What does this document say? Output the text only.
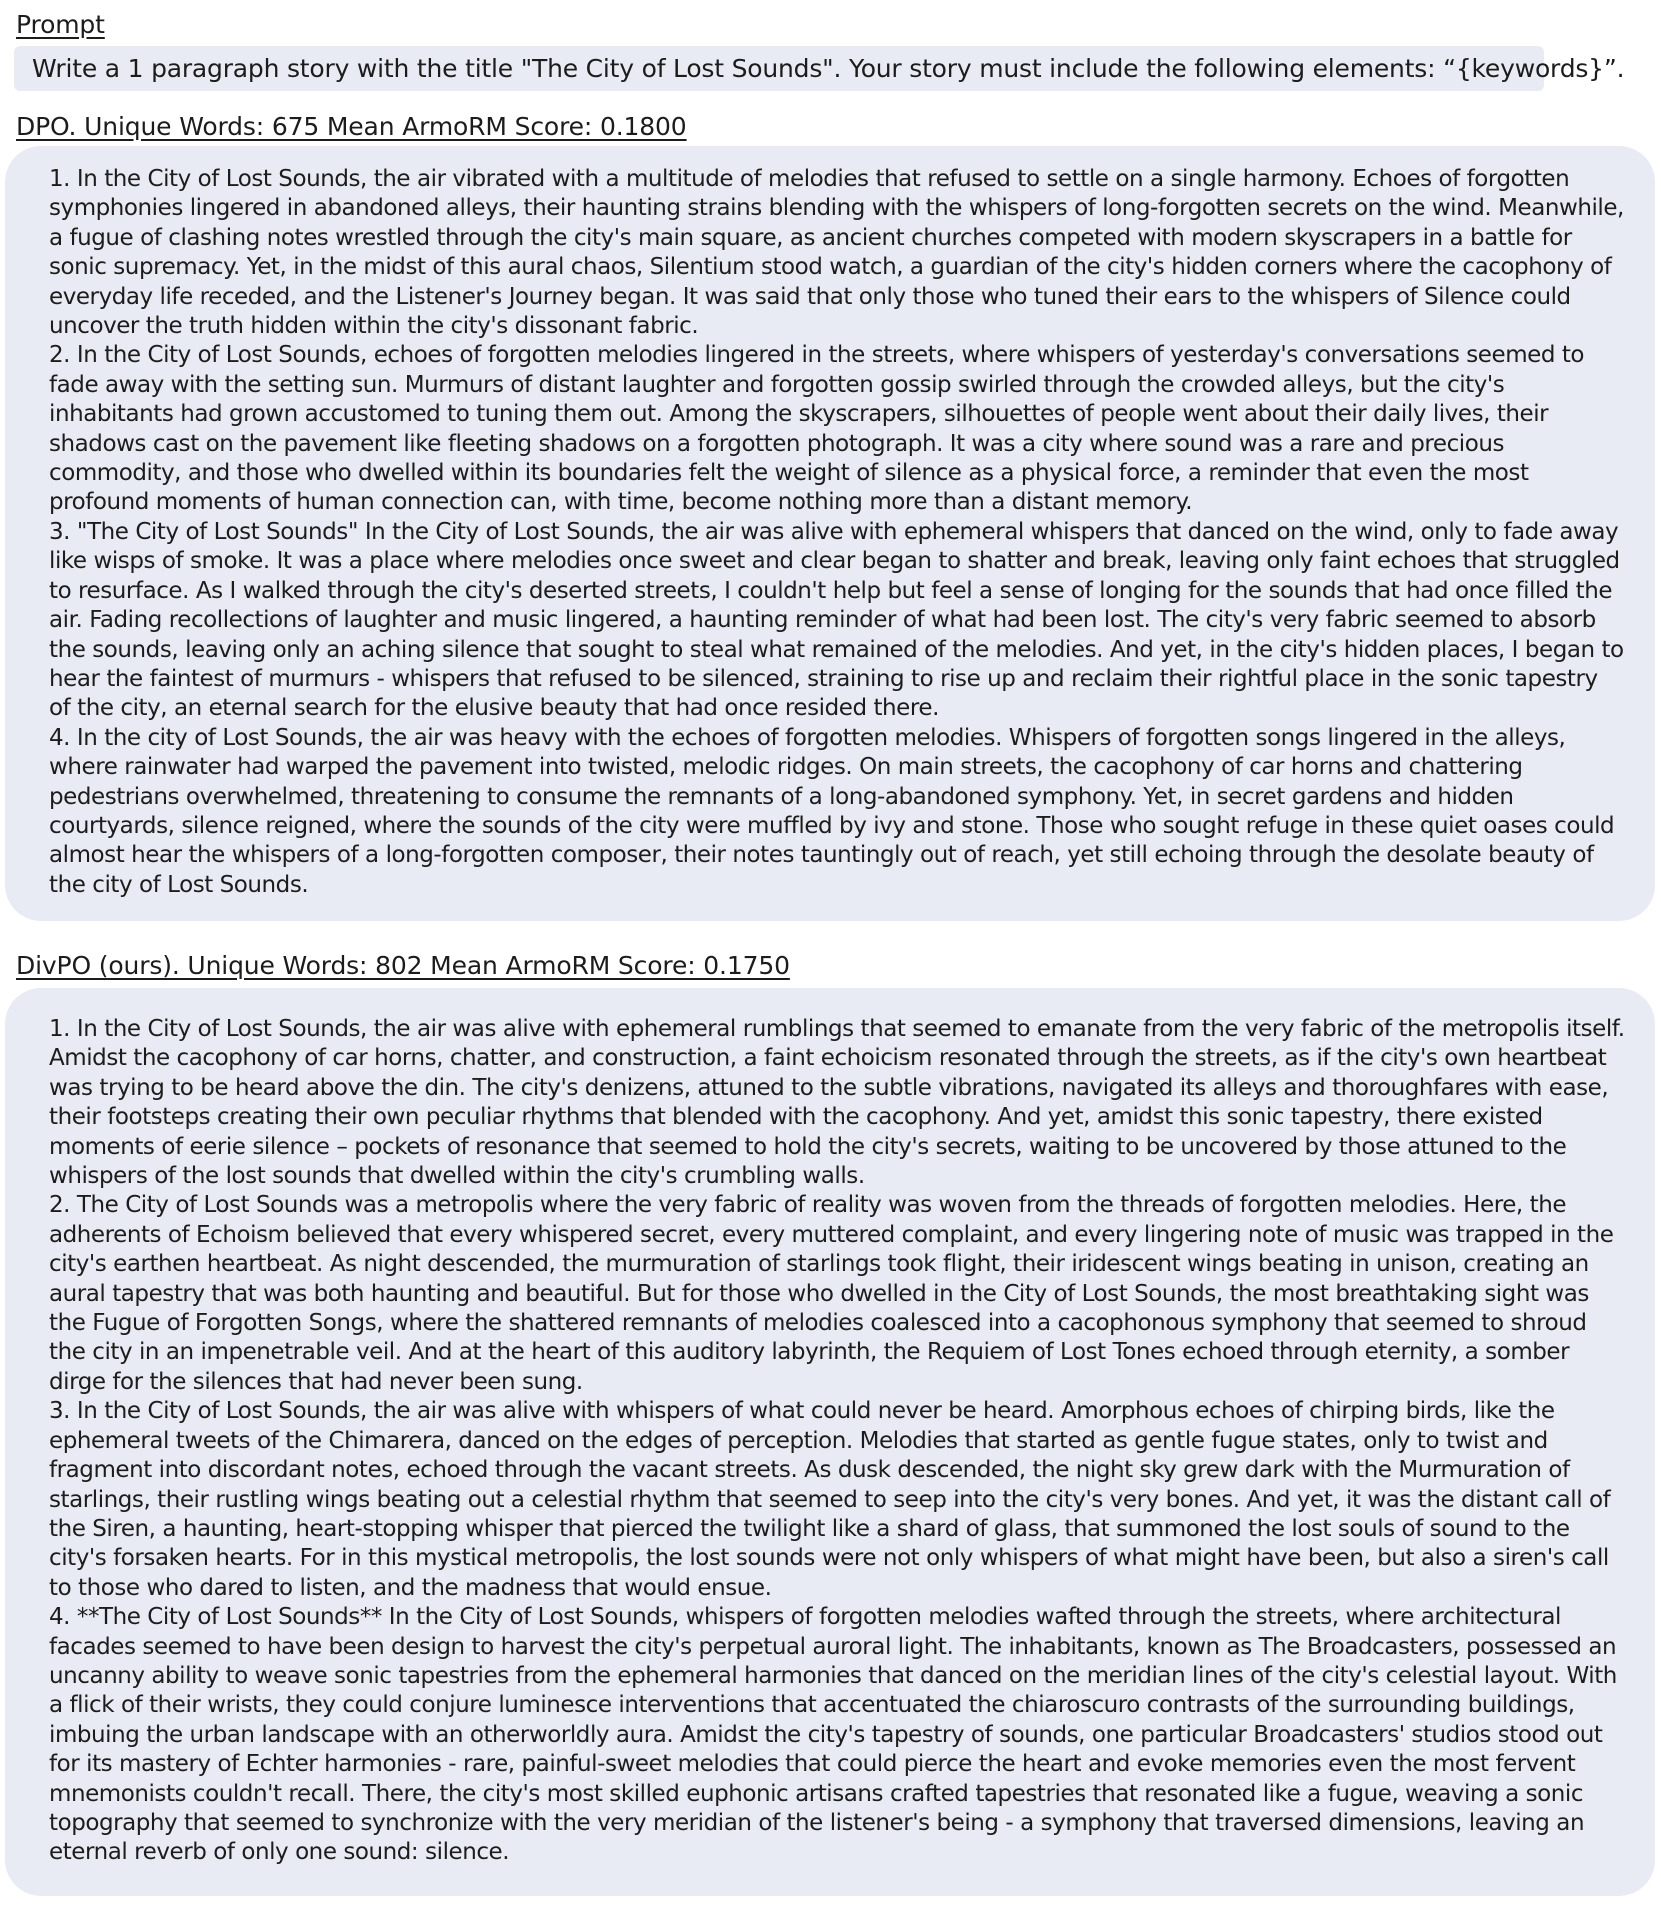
Prompt
Write a 1 paragraph story with the title "The City of Lost Sounds". Your story must include the following elements: “{keywords}”.
DPO. Unique Words: 675 Mean ArmoRM Score: 0.1800

1. In the City of Lost Sounds, the air vibrated with a multitude of melodies that refused to settle on a single harmony. Echoes of forgotten symphonies lingered in abandoned alleys, their haunting strains blending with the whispers of long-forgotten secrets on the wind. Meanwhile, a fugue of clashing notes wrestled through the city's main square, as ancient churches competed with modern skyscrapers in a battle for sonic supremacy. Yet, in the midst of this aural chaos, Silentium stood watch, a guardian of the city's hidden corners where the cacophony of everyday life receded, and the Listener's Journey began. It was said that only those who tuned their ears to the whispers of Silence could uncover the truth hidden within the city's dissonant fabric.

2. In the City of Lost Sounds, echoes of forgotten melodies lingered in the streets, where whispers of yesterday's conversations seemed to fade away with the setting sun. Murmurs of distant laughter and forgotten gossip swirled through the crowded alleys, but the city's inhabitants had grown accustomed to tuning them out. Among the skyscrapers, silhouettes of people went about their daily lives, their shadows cast on the pavement like fleeting shadows on a forgotten photograph. It was a city where sound was a rare and precious commodity, and those who dwelled within its boundaries felt the weight of silence as a physical force, a reminder that even the most profound moments of human connection can, with time, become nothing more than a distant memory.

3. "The City of Lost Sounds" In the City of Lost Sounds, the air was alive with ephemeral whispers that danced on the wind, only to fade away like wisps of smoke. It was a place where melodies once sweet and clear began to shatter and break, leaving only faint echoes that struggled to resurface. As I walked through the city's deserted streets, I couldn't help but feel a sense of longing for the sounds that had once filled the air. Fading recollections of laughter and music lingered, a haunting reminder of what had been lost. The city's very fabric seemed to absorb the sounds, leaving only an aching silence that sought to steal what remained of the melodies. And yet, in the city's hidden places, I began to hear the faintest of murmurs - whispers that refused to be silenced, straining to rise up and reclaim their rightful place in the sonic tapestry of the city, an eternal search for the elusive beauty that had once resided there.

4. In the city of Lost Sounds, the air was heavy with the echoes of forgotten melodies. Whispers of forgotten songs lingered in the alleys, where rainwater had warped the pavement into twisted, melodic ridges. On main streets, the cacophony of car horns and chattering pedestrians overwhelmed, threatening to consume the remnants of a long-abandoned symphony. Yet, in secret gardens and hidden courtyards, silence reigned, where the sounds of the city were muffled by ivy and stone. Those who sought refuge in these quiet oases could almost hear the whispers of a long-forgotten composer, their notes tauntingly out of reach, yet still echoing through the desolate beauty of the city of Lost Sounds.

DivPO (ours). Unique Words: 802 Mean ArmoRM Score: 0.1750

1. In the City of Lost Sounds, the air was alive with ephemeral rumblings that seemed to emanate from the very fabric of the metropolis itself. Amidst the cacophony of car horns, chatter, and construction, a faint echoicism resonated through the streets, as if the city's own heartbeat was trying to be heard above the din. The city's denizens, attuned to the subtle vibrations, navigated its alleys and thoroughfares with ease, their footsteps creating their own peculiar rhythms that blended with the cacophony. And yet, amidst this sonic tapestry, there existed moments of eerie silence – pockets of resonance that seemed to hold the city's secrets, waiting to be uncovered by those attuned to the whispers of the lost sounds that dwelled within the city's crumbling walls.

2. The City of Lost Sounds was a metropolis where the very fabric of reality was woven from the threads of forgotten melodies. Here, the adherents of Echoism believed that every whispered secret, every muttered complaint, and every lingering note of music was trapped in the city's earthen heartbeat. As night descended, the murmuration of starlings took flight, their iridescent wings beating in unison, creating an aural tapestry that was both haunting and beautiful. But for those who dwelled in the City of Lost Sounds, the most breathtaking sight was the Fugue of Forgotten Songs, where the shattered remnants of melodies coalesced into a cacophonous symphony that seemed to shroud the city in an impenetrable veil. And at the heart of this auditory labyrinth, the Requiem of Lost Tones echoed through eternity, a somber dirge for the silences that had never been sung.

3. In the City of Lost Sounds, the air was alive with whispers of what could never be heard. Amorphous echoes of chirping birds, like the ephemeral tweets of the Chimarera, danced on the edges of perception. Melodies that started as gentle fugue states, only to twist and fragment into discordant notes, echoed through the vacant streets. As dusk descended, the night sky grew dark with the Murmuration of starlings, their rustling wings beating out a celestial rhythm that seemed to seep into the city's very bones. And yet, it was the distant call of the Siren, a haunting, heart-stopping whisper that pierced the twilight like a shard of glass, that summoned the lost souls of sound to the city's forsaken hearts. For in this mystical metropolis, the lost sounds were not only whispers of what might have been, but also a siren's call to those who dared to listen, and the madness that would ensue.

4. **The City of Lost Sounds** In the City of Lost Sounds, whispers of forgotten melodies wafted through the streets, where architectural facades seemed to have been design to harvest the city's perpetual auroral light. The inhabitants, known as The Broadcasters, possessed an uncanny ability to weave sonic tapestries from the ephemeral harmonies that danced on the meridian lines of the city's celestial layout. With a flick of their wrists, they could conjure luminesce interventions that accentuated the chiaroscuro contrasts of the surrounding buildings, imbuing the urban landscape with an otherworldly aura. Amidst the city's tapestry of sounds, one particular Broadcasters' studios stood out for its mastery of Echter harmonies - rare, painful-sweet melodies that could pierce the heart and evoke memories even the most fervent mnemonists couldn't recall. There, the city's most skilled euphonic artisans crafted tapestries that resonated like a fugue, weaving a sonic topography that seemed to synchronize with the very meridian of the listener's being - a symphony that traversed dimensions, leaving an eternal reverb of only one sound: silence.
